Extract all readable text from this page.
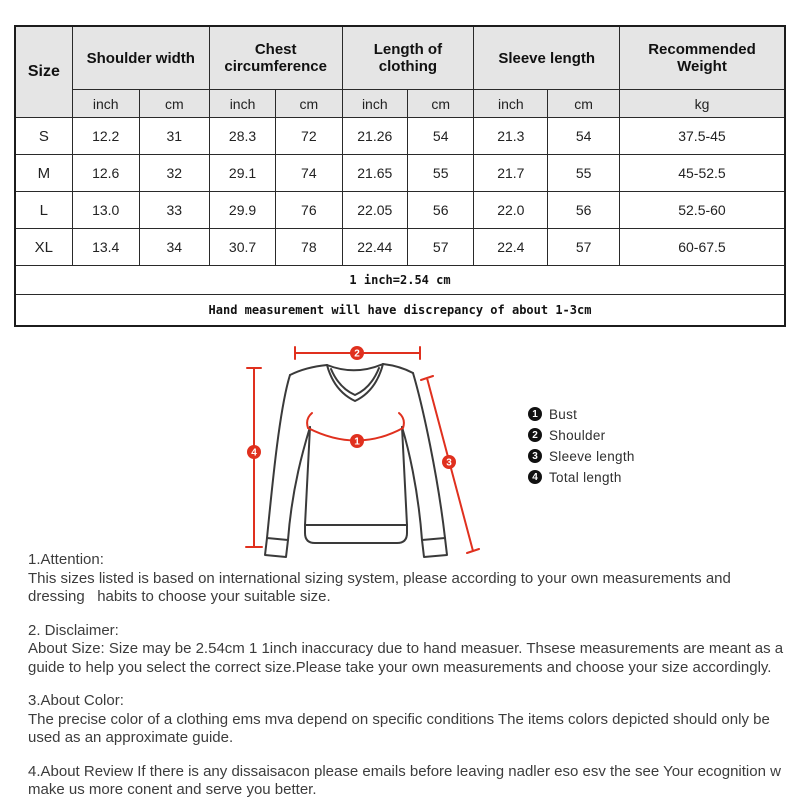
Size	Shoulder width		Chest circumference		Length of clothing		Sleeve length		Recommended Weight
	inch	cm	inch	cm	inch	cm	inch	cm	kg
S	12.2	31	28.3	72	21.26	54	21.3	54	37.5-45
M	12.6	32	29.1	74	21.65	55	21.7	55	45-52.5
L	13.0	33	29.9	76	22.05	56	22.0	56	52.5-60
XL	13.4	34	30.7	78	22.44	57	22.4	57	60-67.5
1 inch=2.54 cm									
Hand measurement will have discrepancy of about 1-3cm									
1
2
3
4
1 Bust
2 Shoulder
3 Sleeve length
4 Total length
1.Attention:
This sizes listed is based on international sizing system, please according to your own measurements and dressing   habits to choose your suitable size.
2. Disclaimer:
About Size: Size may be 2.54cm 1 1inch inaccuracy due to hand measuer. Thsese measurements are meant as a   guide to help you select the correct size.Please take your own measurements and choose your size accordingly.
3.About Color:
The precise color of a clothing ems mva depend on specific conditions The items colors depicted should only be   used as an approximate guide.
4.About Review If there is any dissaisacon please emails before leaving nadler eso esv the see Your ecognition w   make us more conent and serve you better.
